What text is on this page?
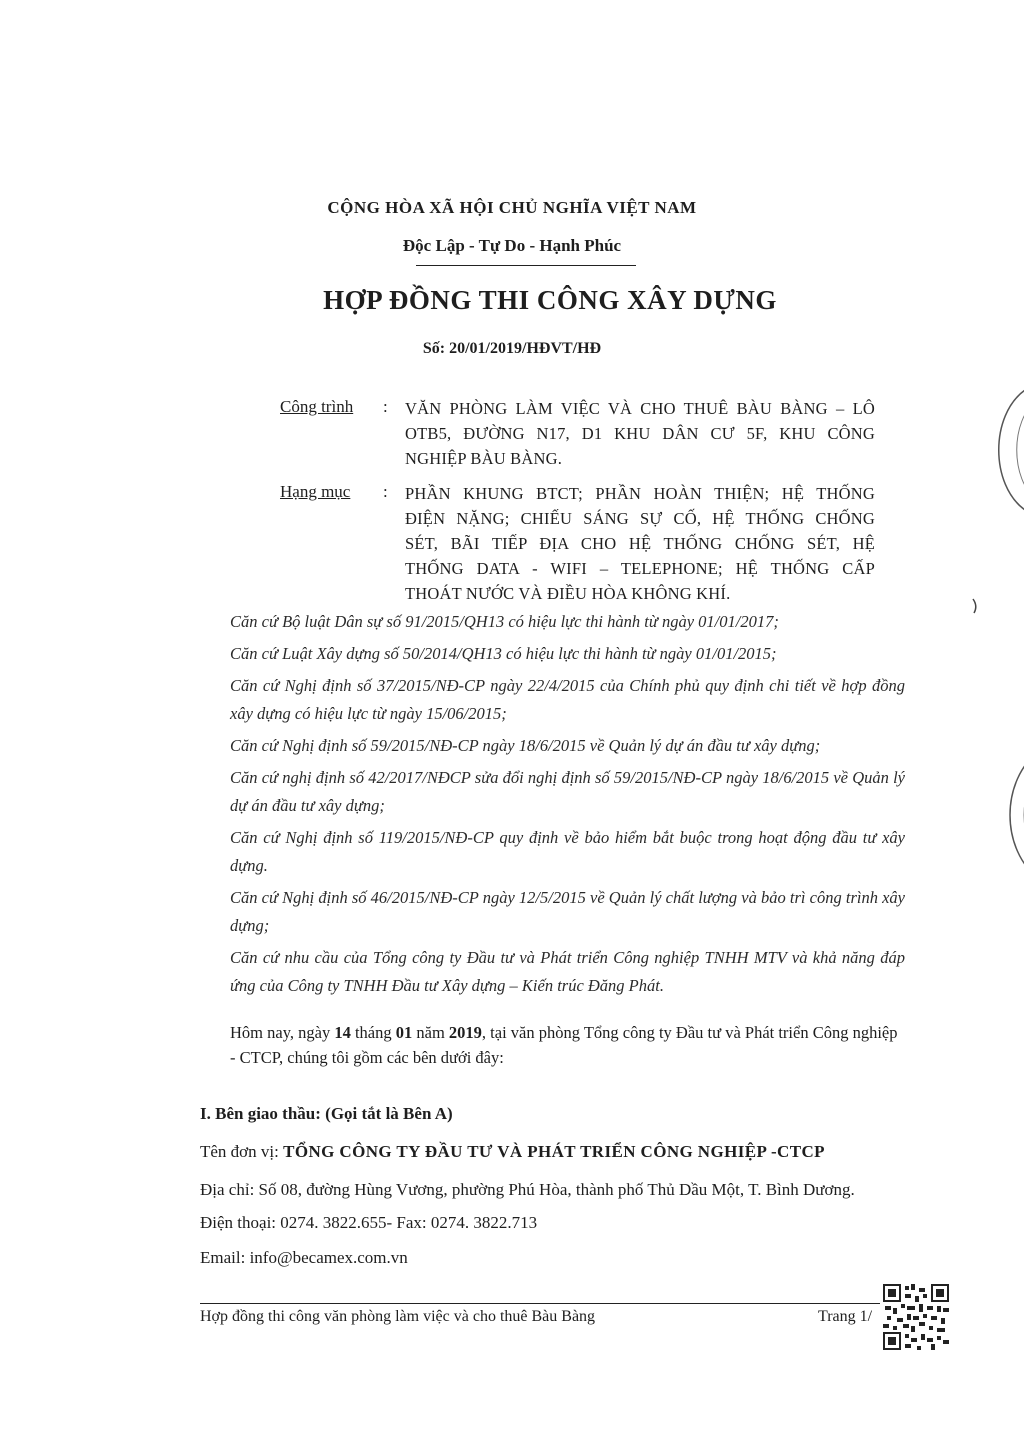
CỘNG HÒA XÃ HỘI CHỦ NGHĨA VIỆT NAM
Độc Lập - Tự Do - Hạnh Phúc
HỢP ĐỒNG THI CÔNG XÂY DỰNG
Số: 20/01/2019/HĐVT/HĐ
Công trình : VĂN PHÒNG LÀM VIỆC VÀ CHO THUÊ BÀU BÀNG – LÔ
OTB5, ĐƯỜNG N17, D1 KHU DÂN CƯ 5F, KHU CÔNG
NGHIỆP BÀU BÀNG.
Hạng mục : PHẦN KHUNG BTCT; PHẦN HOÀN THIỆN; HỆ THỐNG
ĐIỆN NẶNG; CHIẾU SÁNG SỰ CỐ, HỆ THỐNG CHỐNG
SÉT, BÃI TIẾP ĐỊA CHO HỆ THỐNG CHỐNG SÉT, HỆ
THỐNG DATA - WIFI – TELEPHONE; HỆ THỐNG CẤP
THOÁT NƯỚC VÀ ĐIỀU HÒA KHÔNG KHÍ.

Căn cứ Bộ luật Dân sự số 91/2015/QH13 có hiệu lực thi hành từ ngày 01/01/2017;

Căn cứ Luật Xây dựng số 50/2014/QH13 có hiệu lực thi hành từ ngày 01/01/2015;

Căn cứ Nghị định số 37/2015/NĐ-CP ngày 22/4/2015 của Chính phủ quy định chi tiết về hợp đồng xây dựng có hiệu lực từ ngày 15/06/2015;

Căn cứ Nghị định số 59/2015/NĐ-CP ngày 18/6/2015 về Quản lý dự án đầu tư xây dựng;

Căn cứ nghị định số 42/2017/NĐCP sửa đổi nghị định số 59/2015/NĐ-CP ngày 18/6/2015 về Quản lý dự án đầu tư xây dựng;

Căn cứ Nghị định số 119/2015/NĐ-CP quy định về bảo hiểm bắt buộc trong hoạt động đầu tư xây dựng.

Căn cứ Nghị định số 46/2015/NĐ-CP ngày 12/5/2015 về Quản lý chất lượng và bảo trì công trình xây dựng;

Căn cứ nhu cầu của Tổng công ty Đầu tư và Phát triển Công nghiệp TNHH MTV và khả năng đáp ứng của Công ty TNHH Đầu tư Xây dựng – Kiến trúc Đăng Phát.

Hôm nay, ngày 14 tháng 01 năm 2019, tại văn phòng Tổng công ty Đầu tư và Phát triển Công nghiệp - CTCP, chúng tôi gồm các bên dưới đây:

I. Bên giao thầu: (Gọi tắt là Bên A)
Tên đơn vị: TỔNG CÔNG TY ĐẦU TƯ VÀ PHÁT TRIỂN CÔNG NGHIỆP -CTCP
Địa chỉ: Số 08, đường Hùng Vương, phường Phú Hòa, thành phố Thủ Dầu Một, T. Bình Dương.
Điện thoại: 0274. 3822.655- Fax: 0274. 3822.713
Email: info@becamex.com.vn
Hợp đồng thi công văn phòng làm việc và cho thuê Bàu Bàng	Trang 1/
